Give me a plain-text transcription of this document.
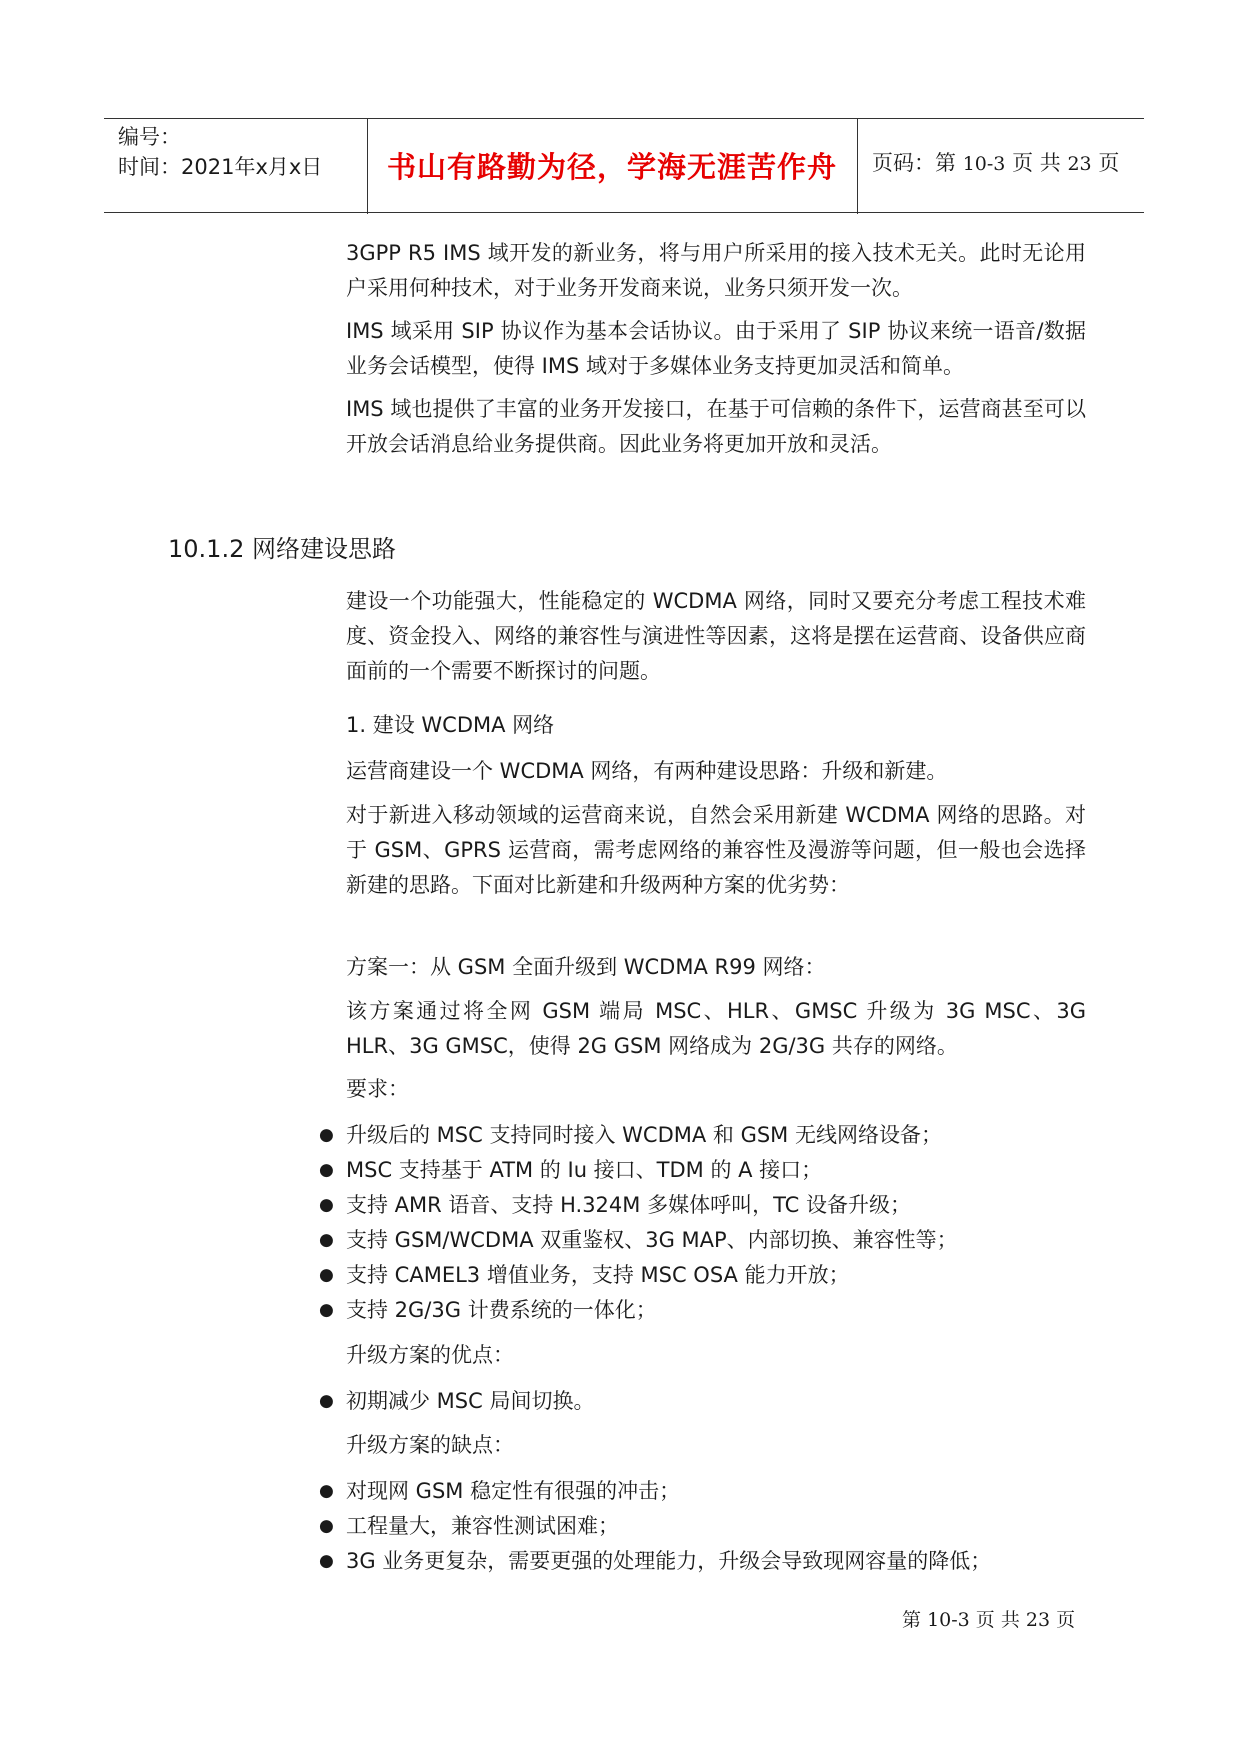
编号：
时间：2021年x月x日	书山有路勤为径，学海无涯苦作舟	页码：第 10-3 页 共 23 页
3GPP R5 IMS 域开发的新业务，将与用户所采用的接入技术无关。此时无论用户采用何种技术，对于业务开发商来说，业务只须开发一次。
IMS 域采用 SIP 协议作为基本会话协议。由于采用了 SIP 协议来统一语音/数据业务会话模型，使得 IMS 域对于多媒体业务支持更加灵活和简单。
IMS 域也提供了丰富的业务开发接口，在基于可信赖的条件下，运营商甚至可以开放会话消息给业务提供商。因此业务将更加开放和灵活。
10.1.2 网络建设思路
建设一个功能强大，性能稳定的 WCDMA 网络，同时又要充分考虑工程技术难度、资金投入、网络的兼容性与演进性等因素，这将是摆在运营商、设备供应商面前的一个需要不断探讨的问题。
1. 建设 WCDMA 网络
运营商建设一个 WCDMA 网络，有两种建设思路：升级和新建。
对于新进入移动领域的运营商来说，自然会采用新建 WCDMA 网络的思路。对于 GSM、GPRS 运营商，需考虑网络的兼容性及漫游等问题，但一般也会选择新建的思路。下面对比新建和升级两种方案的优劣势：
方案一：从 GSM 全面升级到 WCDMA R99 网络：
该方案通过将全网 GSM 端局 MSC、HLR、GMSC 升级为 3G MSC、3G HLR、3G GMSC，使得 2G GSM 网络成为 2G/3G 共存的网络。
要求：
● 升级后的 MSC 支持同时接入 WCDMA 和 GSM 无线网络设备；
● MSC 支持基于 ATM 的 Iu 接口、TDM 的 A 接口；
● 支持 AMR 语音、支持 H.324M 多媒体呼叫，TC 设备升级；
● 支持 GSM/WCDMA 双重鉴权、3G MAP、内部切换、兼容性等；
● 支持 CAMEL3 增值业务，支持 MSC OSA 能力开放；
● 支持 2G/3G 计费系统的一体化；
升级方案的优点：
● 初期减少 MSC 局间切换。
升级方案的缺点：
● 对现网 GSM 稳定性有很强的冲击；
● 工程量大，兼容性测试困难；
● 3G 业务更复杂，需要更强的处理能力，升级会导致现网容量的降低；
第 10-3 页 共 23 页
